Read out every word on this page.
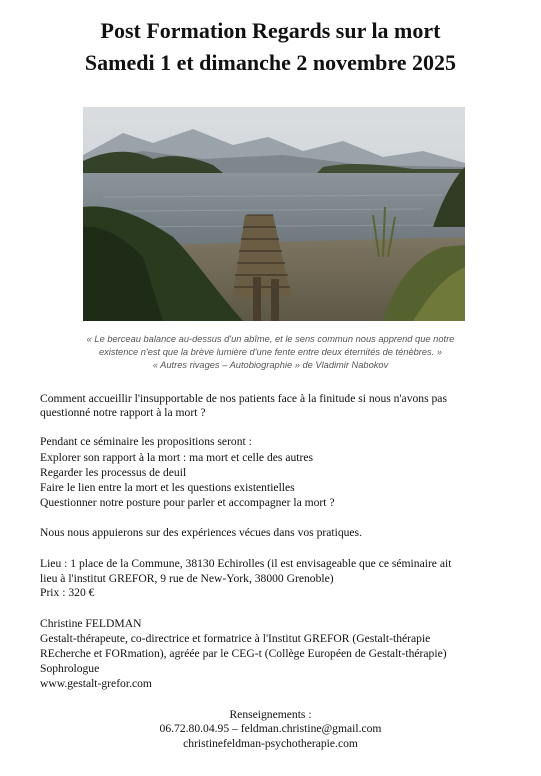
Post Formation Regards sur la mort
Samedi 1 et dimanche 2 novembre 2025
« Le berceau balance au-dessus d'un abîme, et le sens commun nous apprend que notre
existence n'est que la brève lumière d'une fente entre deux éternités de ténèbres. »
« Autres rivages – Autobiographie » de Vladimir Nabokov
Comment accueillir l'insupportable de nos patients face à la finitude si nous n'avons pas
questionné notre rapport à la mort ?
Pendant ce séminaire les propositions seront :
Explorer son rapport à la mort : ma mort et celle des autres
Regarder les processus de deuil
Faire le lien entre la mort et les questions existentielles
Questionner notre posture pour parler et accompagner la mort ?
Nous nous appuierons sur des expériences vécues dans vos pratiques.
Lieu : 1 place de la Commune, 38130 Echirolles (il est envisageable que ce séminaire ait
lieu à l'institut GREFOR, 9 rue de New-York, 38000 Grenoble)
Prix : 320 €
Christine FELDMAN
Gestalt-thérapeute, co-directrice et formatrice à l'Institut GREFOR (Gestalt-thérapie
REcherche et FORmation), agréée par le CEG-t (Collège Européen de Gestalt-thérapie)
Sophrologue
www.gestalt-grefor.com
Renseignements :
06.72.80.04.95 – feldman.christine@gmail.com
christinefeldman-psychotherapie.com
